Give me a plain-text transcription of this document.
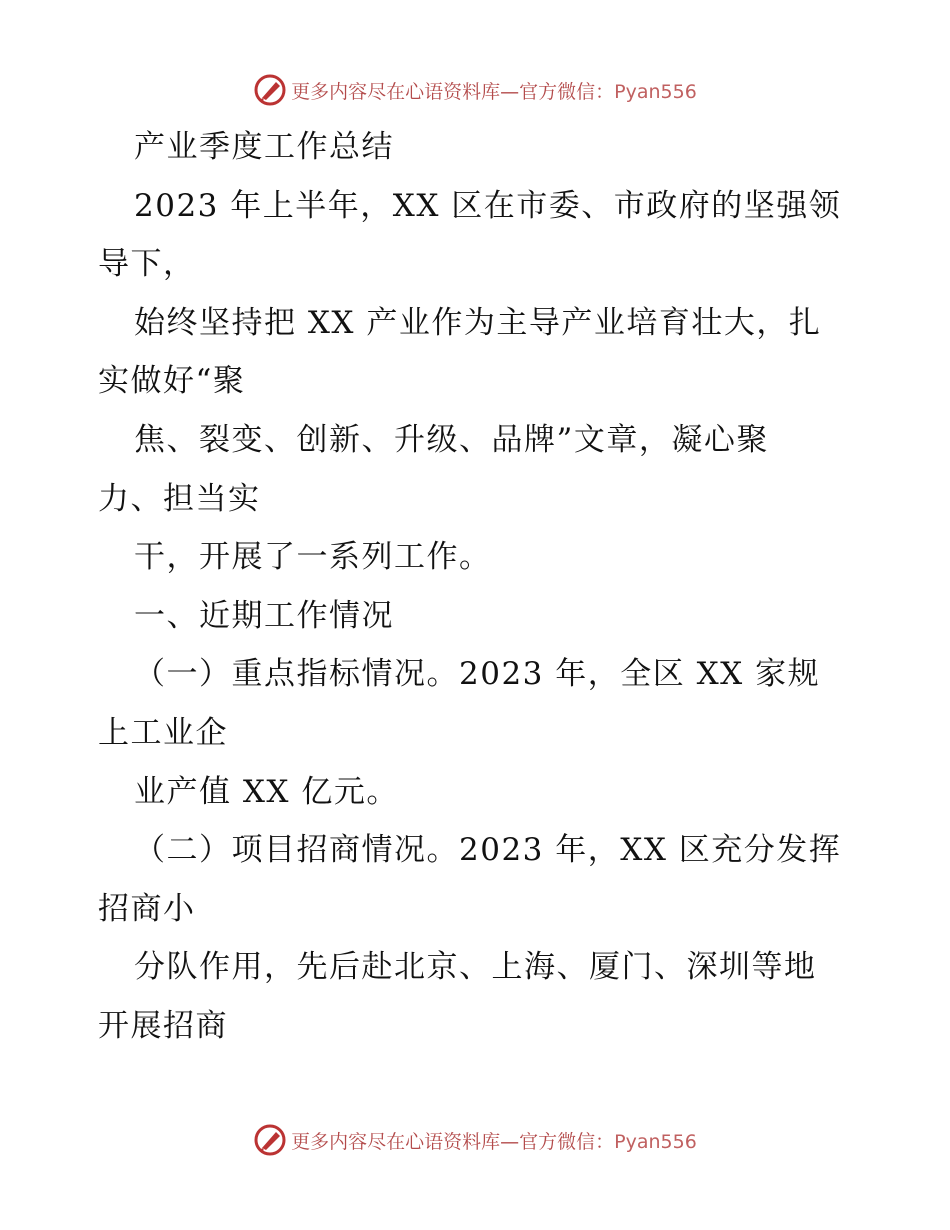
更多内容尽在心语资料库—官方微信：Pyan556
产业季度工作总结
2023 年上半年，XX 区在市委、市政府的坚强领
导下，
始终坚持把 XX 产业作为主导产业培育壮大，扎
实做好“聚
焦、裂变、创新、升级、品牌”文章，凝心聚
力、担当实
干，开展了一系列工作。
一、近期工作情况
（一）重点指标情况。2023 年，全区 XX 家规
上工业企
业产值 XX 亿元。
（二）项目招商情况。2023 年，XX 区充分发挥
招商小
分队作用，先后赴北京、上海、厦门、深圳等地
开展招商
更多内容尽在心语资料库—官方微信：Pyan556
